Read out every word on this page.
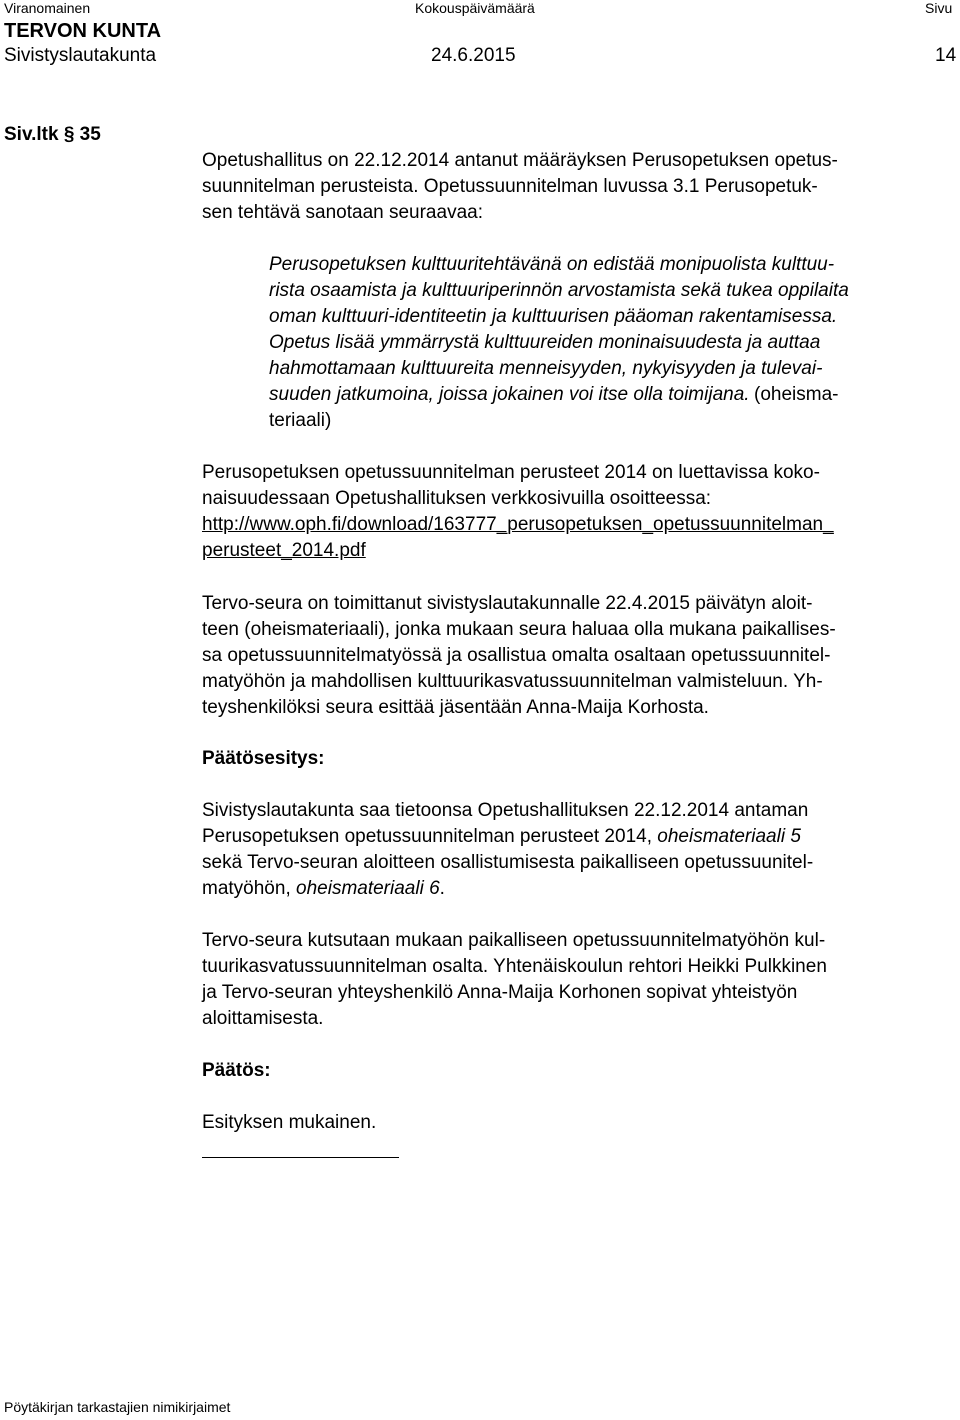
Viranomainen	Kokouspäivämäärä	Sivu
TERVON KUNTA
Sivistyslautakunta	24.6.2015	14
Siv.ltk § 35
Opetushallitus on 22.12.2014 antanut määräyksen Perusopetuksen opetus-
suunnitelman perusteista. Opetussuunnitelman luvussa 3.1 Perusopetuk-
sen tehtävä sanotaan seuraavaa:
Perusopetuksen kulttuuritehtävänä on edistää monipuolista kulttuu-
rista osaamista ja kulttuuriperinnön arvostamista sekä tukea oppilaita
oman kulttuuri-identiteetin ja kulttuurisen pääoman rakentamisessa.
Opetus lisää ymmärrystä kulttuureiden moninaisuudesta ja auttaa
hahmottamaan kulttuureita menneisyyden, nykyisyyden ja tulevai-
suuden jatkumoina, joissa jokainen voi itse olla toimijana. (oheisma-
teriaali)
Perusopetuksen opetussuunnitelman perusteet 2014 on luettavissa koko-
naisuudessaan Opetushallituksen verkkosivuilla osoitteessa:
http://www.oph.fi/download/163777_perusopetuksen_opetussuunnitelman_
perusteet_2014.pdf
Tervo-seura on toimittanut sivistyslautakunnalle 22.4.2015 päivätyn aloit-
teen (oheismateriaali), jonka mukaan seura haluaa olla mukana paikallises-
sa opetussuunnitelmatyössä ja osallistua omalta osaltaan opetussuunnitel-
matyöhön ja mahdollisen kulttuurikasvatussuunnitelman valmisteluun. Yh-
teyshenkilöksi seura esittää jäsentään Anna-Maija Korhosta.
Päätösesitys:
Sivistyslautakunta saa tietoonsa Opetushallituksen 22.12.2014 antaman
Perusopetuksen opetussuunnitelman perusteet 2014, oheismateriaali 5
sekä Tervo-seuran aloitteen osallistumisesta paikalliseen opetussuunitel-
matyöhön, oheismateriaali 6.
Tervo-seura kutsutaan mukaan paikalliseen opetussuunnitelmatyöhön kul-
tuurikasvatussuunnitelman osalta. Yhtenäiskoulun rehtori Heikki Pulkkinen
ja Tervo-seuran yhteyshenkilö Anna-Maija Korhonen sopivat yhteistyön
aloittamisesta.
Päätös:
Esityksen mukainen.
Pöytäkirjan tarkastajien nimikirjaimet
